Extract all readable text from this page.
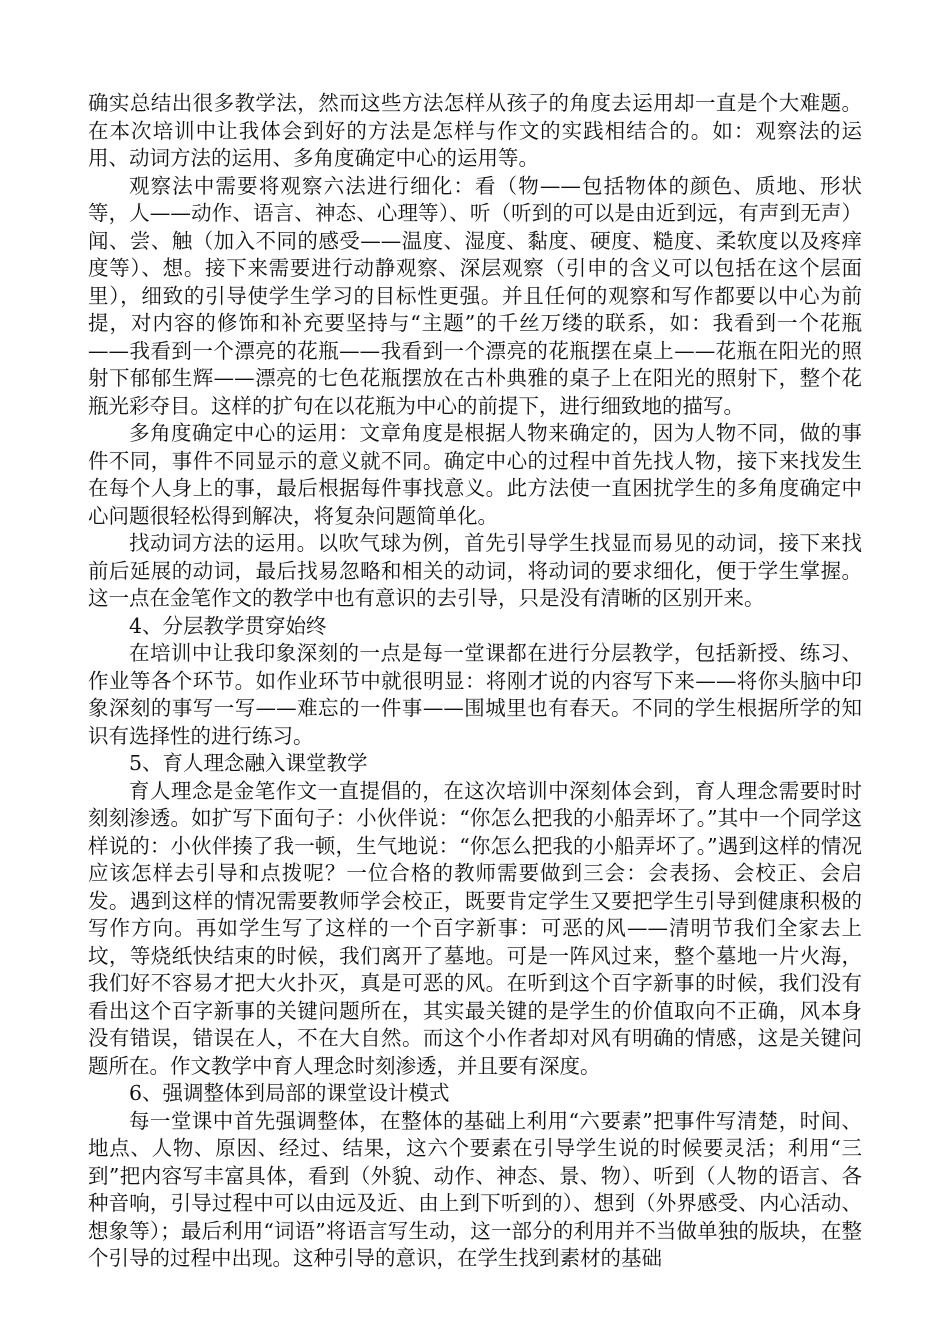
确实总结出很多教学法，然而这些方法怎样从孩子的角度去运用却一直是个大难题。在本次培训中让我体会到好的方法是怎样与作文的实践相结合的。如：观察法的运用、动词方法的运用、多角度确定中心的运用等。

观察法中需要将观察六法进行细化：看（物——包括物体的颜色、质地、形状等，人——动作、语言、神态、心理等）、听（听到的可以是由近到远，有声到无声）闻、尝、触（加入不同的感受——温度、湿度、黏度、硬度、糙度、柔软度以及疼痒度等）、想。接下来需要进行动静观察、深层观察（引申的含义可以包括在这个层面里），细致的引导使学生学习的目标性更强。并且任何的观察和写作都要以中心为前提，对内容的修饰和补充要坚持与“主题”的千丝万缕的联系，如：我看到一个花瓶——我看到一个漂亮的花瓶——我看到一个漂亮的花瓶摆在桌上——花瓶在阳光的照射下郁郁生辉——漂亮的七色花瓶摆放在古朴典雅的桌子上在阳光的照射下，整个花瓶光彩夺目。这样的扩句在以花瓶为中心的前提下，进行细致地的描写。

多角度确定中心的运用：文章角度是根据人物来确定的，因为人物不同，做的事件不同，事件不同显示的意义就不同。确定中心的过程中首先找人物，接下来找发生在每个人身上的事，最后根据每件事找意义。此方法使一直困扰学生的多角度确定中心问题很轻松得到解决，将复杂问题简单化。

找动词方法的运用。以吹气球为例，首先引导学生找显而易见的动词，接下来找前后延展的动词，最后找易忽略和相关的动词，将动词的要求细化，便于学生掌握。这一点在金笔作文的教学中也有意识的去引导，只是没有清晰的区别开来。

4、分层教学贯穿始终

在培训中让我印象深刻的一点是每一堂课都在进行分层教学，包括新授、练习、作业等各个环节。如作业环节中就很明显：将刚才说的内容写下来——将你头脑中印象深刻的事写一写——难忘的一件事——围城里也有春天。不同的学生根据所学的知识有选择性的进行练习。

5、育人理念融入课堂教学

育人理念是金笔作文一直提倡的，在这次培训中深刻体会到，育人理念需要时时刻刻渗透。如扩写下面句子：小伙伴说：“你怎么把我的小船弄坏了。”其中一个同学这样说的：小伙伴揍了我一顿，生气地说：“你怎么把我的小船弄坏了。”遇到这样的情况应该怎样去引导和点拨呢？一位合格的教师需要做到三会：会表扬、会校正、会启发。遇到这样的情况需要教师学会校正，既要肯定学生又要把学生引导到健康积极的写作方向。再如学生写了这样的一个百字新事：可恶的风——清明节我们全家去上坟，等烧纸快结束的时候，我们离开了墓地。可是一阵风过来，整个墓地一片火海，我们好不容易才把大火扑灭，真是可恶的风。在听到这个百字新事的时候，我们没有看出这个百字新事的关键问题所在，其实最关键的是学生的价值取向不正确，风本身没有错误，错误在人，不在大自然。而这个小作者却对风有明确的情感，这是关键问题所在。作文教学中育人理念时刻渗透，并且要有深度。

6、强调整体到局部的课堂设计模式

每一堂课中首先强调整体，在整体的基础上利用“六要素”把事件写清楚，时间、地点、人物、原因、经过、结果，这六个要素在引导学生说的时候要灵活；利用“三到”把内容写丰富具体，看到（外貌、动作、神态、景、物）、听到（人物的语言、各种音响，引导过程中可以由远及近、由上到下听到的）、想到（外界感受、内心活动、想象等）；最后利用“词语”将语言写生动，这一部分的利用并不当做单独的版块，在整个引导的过程中出现。这种引导的意识，在学生找到素材的基础
